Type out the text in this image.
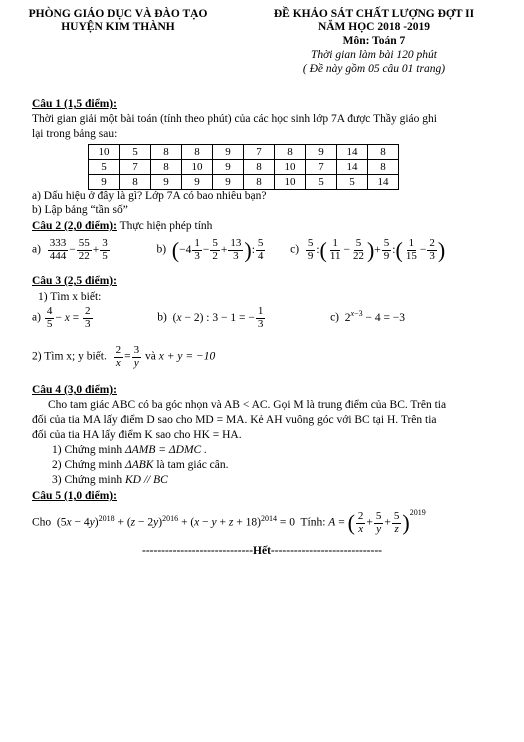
PHÒNG GIÁO DỤC VÀ ĐÀO TẠO
HUYỆN KIM THÀNH
ĐỀ KHẢO SÁT CHẤT LƯỢNG ĐỢT II
NĂM HỌC 2018 -2019
Môn: Toán 7
Thời gian làm bài 120 phút
( Đề này gồm 05 câu 01 trang)
Câu 1 (1,5 điểm):
Thời gian giải một bài toán (tính theo phút) của các học sinh lớp 7A được Thầy giáo ghi
lại trong bảng sau:
10	5	8	8	9	7	8	9	14	8
5	7	8	10	9	8	10	7	14	8
9	8	9	9	9	8	10	5	5	14
a) Dấu hiệu ở đây là gì? Lớp 7A có bao nhiêu bạn?
b) Lập bảng “tần số”
Câu 2 (2,0 điểm): Thực hiện phép tính
$a) \frac{333}{444} - \frac{55}{22} + \frac{3}{5}$	b) ($-4 \frac{1}{3} - \frac{5}{2} + \frac{13}{3}$ ): $\frac{5}{4} c) \frac{5}{9}$ :( $\frac{1}{11} - \frac{5}{22}$ )+ $\frac{5}{9}$ :( $\frac{1}{15} - \frac{2}{3}$ )
Câu 3 (2,5 điểm):
1) Tìm x biết:
$a) \frac{4}{5} - x = \frac{2}{3}$	b)  (x − 2) : 3 − 1 = − $\frac{1}{3}$	c)  $2^{x-3} - 4 = -3$
2) Tìm x; y biết. $\frac{2}{x} = \frac{3}{y}$ và x + y = −10
Câu 4 (3,0 điểm):
Cho tam giác ABC có ba góc nhọn và AB < AC. Gọi M là trung điểm của BC. Trên tia
đối của tia MA lấy điểm D sao cho MD = MA. Kẻ AH vuông góc với BC tại H. Trên tia
đối của tia HA lấy điểm K sao cho HK = HA.
1) Chứng minh ΔAMB = ΔDMC .
2) Chứng minh ΔABK là tam giác cân.
3) Chứng minh KD // BC
Câu 5 (1,0 điểm):
Cho  $(5x - 4y)^{2018} + (z - 2y)^{2016} + (x - y + z + 18)^{2014} = 0$  Tính: A = ( $\frac{2}{x} + \frac{5}{y} + \frac{5}{z} )^{2019}$
-----------------------------Hết-----------------------------
